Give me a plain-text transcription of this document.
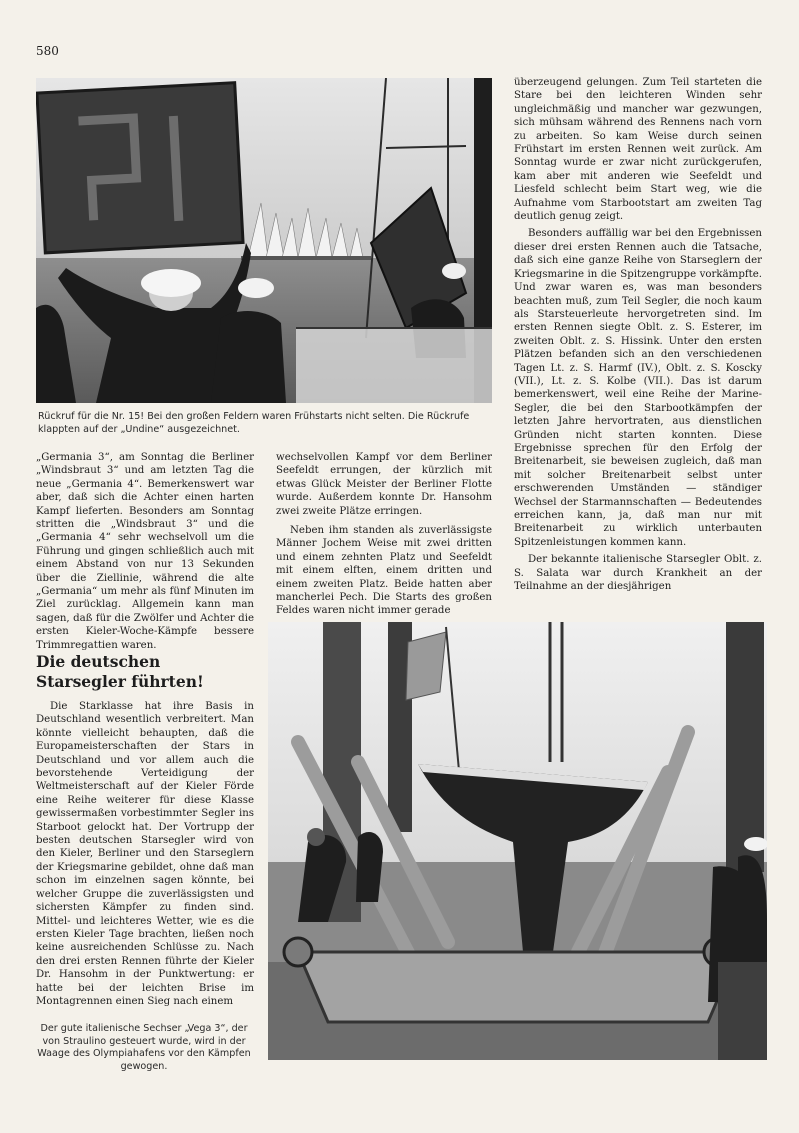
580
Rückruf für die Nr. 15! Bei den großen Feldern waren Frühstarts nicht selten. Die Rückrufe klappten auf der „Undine“ ausgezeichnet.

„Germania 3“, am Sonntag die Berliner „Windsbraut 3“ und am letzten Tag die neue „Germania 4“. Bemerkenswert war aber, daß sich die Achter einen harten Kampf lieferten. Besonders am Sonntag stritten die „Windsbraut 3“ und die „Germania 4“ sehr wechselvoll um die Führung und gingen schließlich auch mit einem Abstand von nur 13 Sekunden über die Ziellinie, während die alte „Germania“ um mehr als fünf Minuten im Ziel zurücklag. Allgemein kann man sagen, daß für die Zwölfer und Achter die ersten Kieler-Woche-Kämpfe bessere Trimmregattien waren.

wechselvollen Kampf vor dem Berliner Seefeldt errungen, der kürzlich mit etwas Glück Meister der Berliner Flotte wurde. Außerdem konnte Dr. Hansohm zwei zweite Plätze erringen.

Neben ihm standen als zuverlässigste Männer Jochem Weise mit zwei dritten und einem zehnten Platz und Seefeldt mit einem elften, einem dritten und einem zweiten Platz. Beide hatten aber mancherlei Pech. Die Starts des großen Feldes waren nicht immer gerade

Die deutschen Starsegler führten!

Die Starklasse hat ihre Basis in Deutschland wesentlich verbreitert. Man könnte vielleicht behaupten, daß die Europameisterschaften der Stars in Deutschland und vor allem auch die bevorstehende Verteidigung der Weltmeisterschaft auf der Kieler Förde eine Reihe weiterer für diese Klasse gewissermaßen vorbestimmter Segler ins Starboot gelockt hat. Der Vortrupp der besten deutschen Starsegler wird von den Kieler, Berliner und den Starseglern der Kriegsmarine gebildet, ohne daß man schon im einzelnen sagen könnte, bei welcher Gruppe die zuverlässigsten und sichersten Kämpfer zu finden sind. Mittel- und leichteres Wetter, wie es die ersten Kieler Tage brachten, ließen noch keine ausreichenden Schlüsse zu. Nach den drei ersten Rennen führte der Kieler Dr. Hansohm in der Punktwertung: er hatte bei der leichten Brise im Montagrennen einen Sieg nach einem

Der gute italienische Sechser „Vega 3“, der von Straulino gesteuert wurde, wird in der Waage des Olympiahafens vor den Kämpfen gewogen.

überzeugend gelungen. Zum Teil starteten die Stare bei den leichteren Winden sehr ungleichmäßig und mancher war gezwungen, sich mühsam während des Rennens nach vorn zu arbeiten. So kam Weise durch seinen Frühstart im ersten Rennen weit zurück. Am Sonntag wurde er zwar nicht zurückgerufen, kam aber mit anderen wie Seefeldt und Liesfeld schlecht beim Start weg, wie die Aufnahme vom Starbootstart am zweiten Tag deutlich genug zeigt.

Besonders auffällig war bei den Ergebnissen dieser drei ersten Rennen auch die Tatsache, daß sich eine ganze Reihe von Starseglern der Kriegsmarine in die Spitzengruppe vorkämpfte. Und zwar waren es, was man besonders beachten muß, zum Teil Segler, die noch kaum als Starsteuerleute hervorgetreten sind. Im ersten Rennen siegte Oblt. z. S. Esterer, im zweiten Oblt. z. S. Hissink. Unter den ersten Plätzen befanden sich an den verschiedenen Tagen Lt. z. S. Harmf (IV.), Oblt. z. S. Koscky (VII.), Lt. z. S. Kolbe (VII.). Das ist darum bemerkenswert, weil eine Reihe der Marine-Segler, die bei den Starbootkämpfen der letzten Jahre hervortraten, aus dienstlichen Gründen nicht starten konnten. Diese Ergebnisse sprechen für den Erfolg der Breitenarbeit, sie beweisen zugleich, daß man mit solcher Breitenarbeit selbst unter erschwerenden Umständen — ständiger Wechsel der Starmannschaften — Bedeutendes erreichen kann, ja, daß man nur mit Breitenarbeit zu wirklich unterbauten Spitzenleistungen kommen kann.

Der bekannte italienische Starsegler Oblt. z. S. Salata war durch Krankheit an der Teilnahme an der diesjährigen
